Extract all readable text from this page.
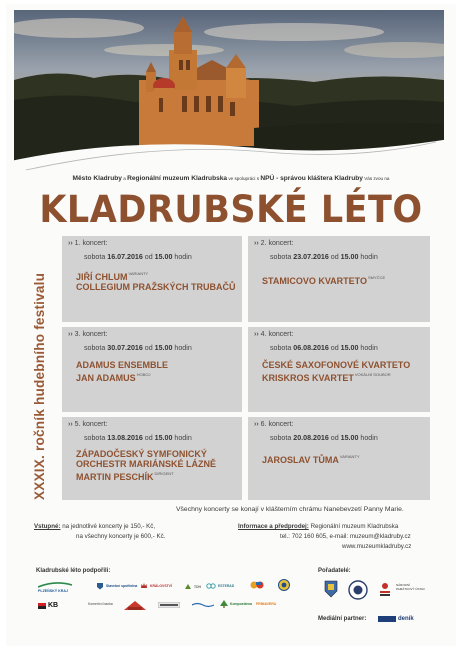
Město Kladruby a Regionální muzeum Kladrubska ve spolupráci s NPÚ - správou kláštera Kladruby Vás zvou na
KLADRUBSKÉ LÉTO
XXXIX. ročník hudebního festivalu
›› 1. koncert:
sobota 16.07.2016 od 15.00 hodin
JIŘÍ $CHLUM^{VARIANTY}$
COLLEGIUM PRAŽSKÝCH TRUBAČŮ
›› 2. koncert:
sobota 23.07.2016 od 15.00 hodin
STAMICOVO $KVARTETO^{SMYČCE}$
›› 3. koncert:
sobota 30.07.2016 od 15.00 hodin
ADAMUS ENSEMBLE
JAN $ADAMUS^{HOBOJ}$
›› 4. koncert:
sobota 06.08.2016 od 15.00 hodin
ČESKÉ SAXOFONOVÉ KVARTETO
KRISKROS $KVARTET^{VOKÁLNÍ SOUBOR}$
›› 5. koncert:
sobota 13.08.2016 od 15.00 hodin
ZÁPADOČESKÝ SYMFONICKÝ
ORCHESTR MARIÁNSKÉ LÁZNĚ
MARTIN $PESCHÍK^{DIRIGENT}$
›› 6. koncert:
sobota 20.08.2016 od 15.00 hodin
JAROSLAV $TŮMA^{VARIANTY}$
Všechny koncerty se konají v klášterním chrámu Nanebevzetí Panny Marie.
Vstupné: na jednotlivé koncerty je 150,- Kč,
na všechny koncerty je 600,- Kč.
Informace a předprodej: Regionální muzeum Kladrubska
tel.: 702 160 605, e-mail: muzeum@kladruby.cz
www.muzeumkladruby.cz
Kladrubské léto podpořili:	Pořadatelé:
Mediální partner:
PLZEŇSKÝ KRAJ
Stavební spořitelna	KRÁLOVSTVÍ	TDH	ESTERAD
KB	Komerční banka	Kompostárna PRIMAVERA
NÁRODNÍ PAMÁTKOVÝ ÚSTAV
deník
